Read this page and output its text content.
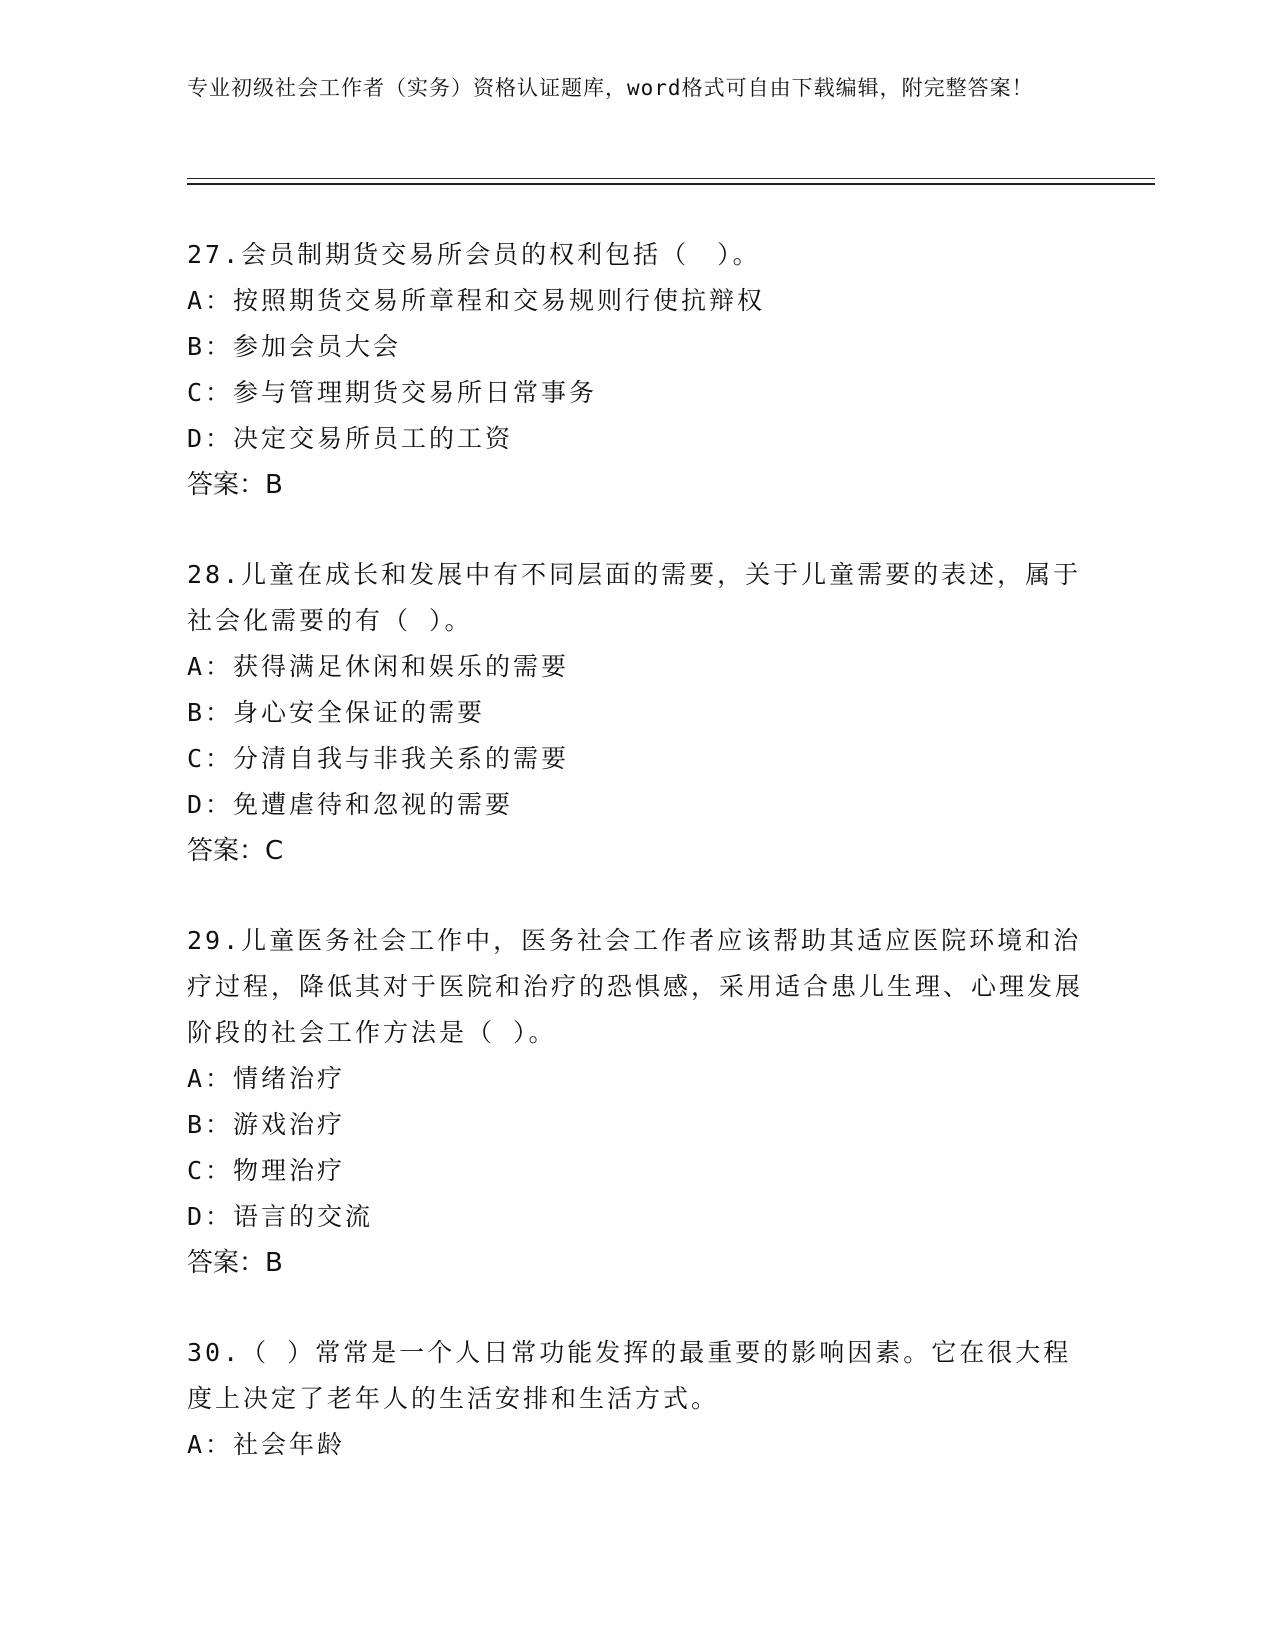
专业初级社会工作者（实务）资格认证题库，word格式可自由下载编辑，附完整答案！

27.会员制期货交易所会员的权利包括（　）。

A：按照期货交易所章程和交易规则行使抗辩权

B：参加会员大会

C：参与管理期货交易所日常事务

D：决定交易所员工的工资

答案：B

28.儿童在成长和发展中有不同层面的需要，关于儿童需要的表述，属于社会化需要的有（ ）。

A：获得满足休闲和娱乐的需要

B：身心安全保证的需要

C：分清自我与非我关系的需要

D：免遭虐待和忽视的需要

答案：C

29.儿童医务社会工作中，医务社会工作者应该帮助其适应医院环境和治疗过程，降低其对于医院和治疗的恐惧感，采用适合患儿生理、心理发展阶段的社会工作方法是（ ）。

A：情绪治疗

B：游戏治疗

C：物理治疗

D：语言的交流

答案：B

30.（ ）常常是一个人日常功能发挥的最重要的影响因素。它在很大程度上决定了老年人的生活安排和生活方式。

A：社会年龄
